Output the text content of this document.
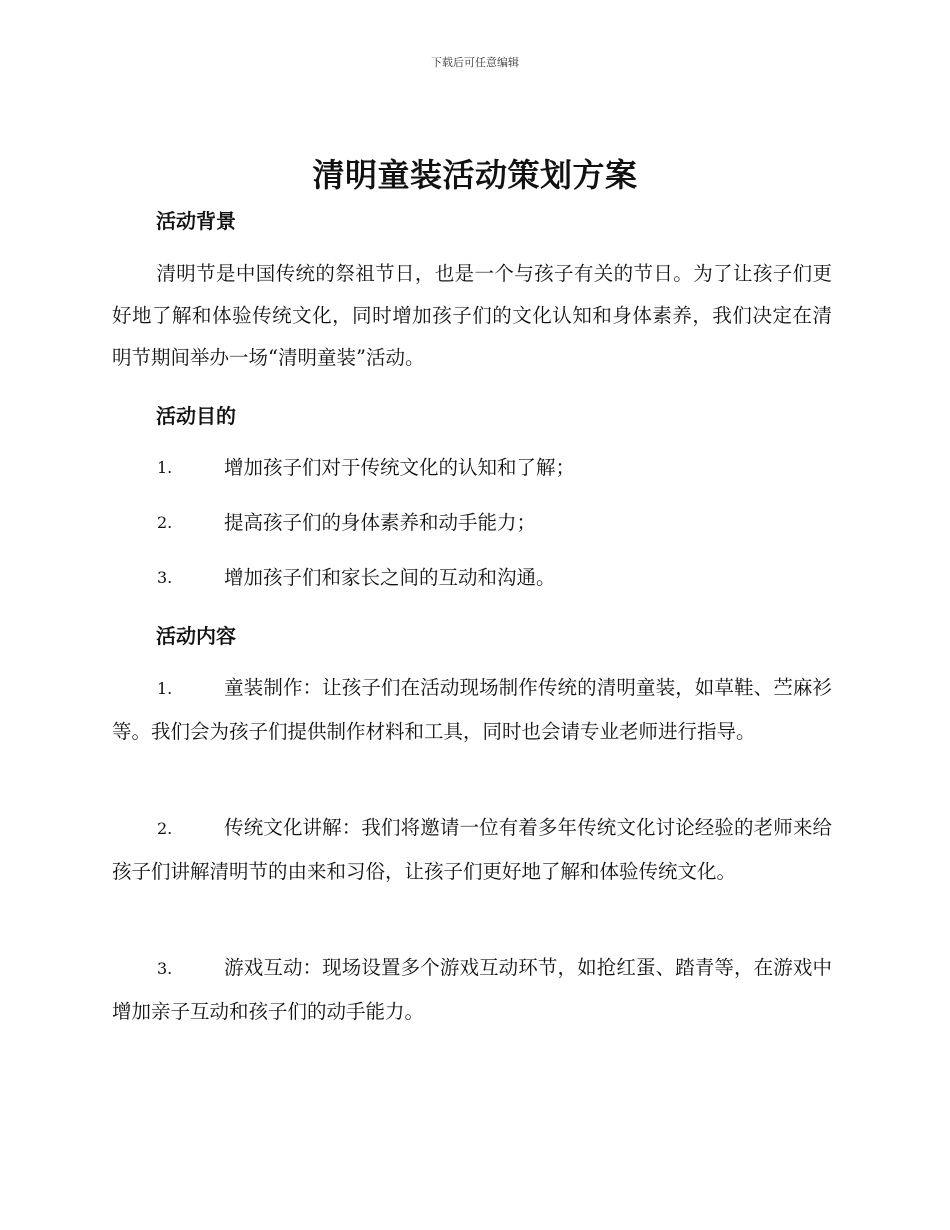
下载后可任意编辑
清明童装活动策划方案
活动背景
清明节是中国传统的祭祖节日，也是一个与孩子有关的节日。为了让孩子们更好地了解和体验传统文化，同时增加孩子们的文化认知和身体素养，我们决定在清明节期间举办一场“清明童装”活动。
活动目的
1.	增加孩子们对于传统文化的认知和了解；
2.	提高孩子们的身体素养和动手能力；
3.	增加孩子们和家长之间的互动和沟通。
活动内容
1.	童装制作：让孩子们在活动现场制作传统的清明童装，如草鞋、苎麻衫等。我们会为孩子们提供制作材料和工具，同时也会请专业老师进行指导。
2.	传统文化讲解：我们将邀请一位有着多年传统文化讨论经验的老师来给孩子们讲解清明节的由来和习俗，让孩子们更好地了解和体验传统文化。
3.	游戏互动：现场设置多个游戏互动环节，如抢红蛋、踏青等，在游戏中增加亲子互动和孩子们的动手能力。
